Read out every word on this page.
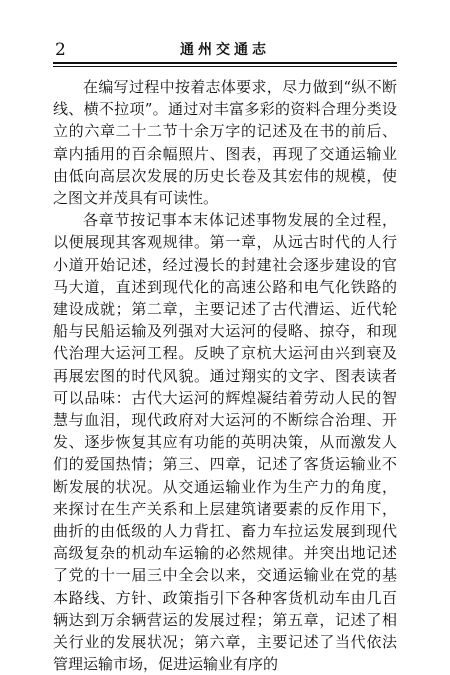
2	通州交通志

在编写过程中按着志体要求，尽力做到“纵不断线、横不拉项”。通过对丰富多彩的资料合理分类设立的六章二十二节十余万字的记述及在书的前后、章内插用的百余幅照片、图表，再现了交通运输业由低向高层次发展的历史长卷及其宏伟的规模，使之图文并茂具有可读性。

各章节按记事本末体记述事物发展的全过程，以便展现其客观规律。第一章，从远古时代的人行小道开始记述，经过漫长的封建社会逐步建设的官马大道，直述到现代化的高速公路和电气化铁路的建设成就；第二章，主要记述了古代漕运、近代轮船与民船运输及列强对大运河的侵略、掠夺，和现代治理大运河工程。反映了京杭大运河由兴到衰及再展宏图的时代风貌。通过翔实的文字、图表读者可以品味：古代大运河的辉煌凝结着劳动人民的智慧与血泪，现代政府对大运河的不断综合治理、开发、逐步恢复其应有功能的英明决策，从而激发人们的爱国热情；第三、四章，记述了客货运输业不断发展的状况。从交通运输业作为生产力的角度，来探讨在生产关系和上层建筑诸要素的反作用下，曲折的由低级的人力背扛、畜力车拉运发展到现代高级复杂的机动车运输的必然规律。并突出地记述了党的十一届三中全会以来，交通运输业在党的基本路线、方针、政策指引下各种客货机动车由几百辆达到万余辆营运的发展过程；第五章，记述了相关行业的发展状况；第六章，主要记述了当代依法管理运输市场，促进运输业有序的
